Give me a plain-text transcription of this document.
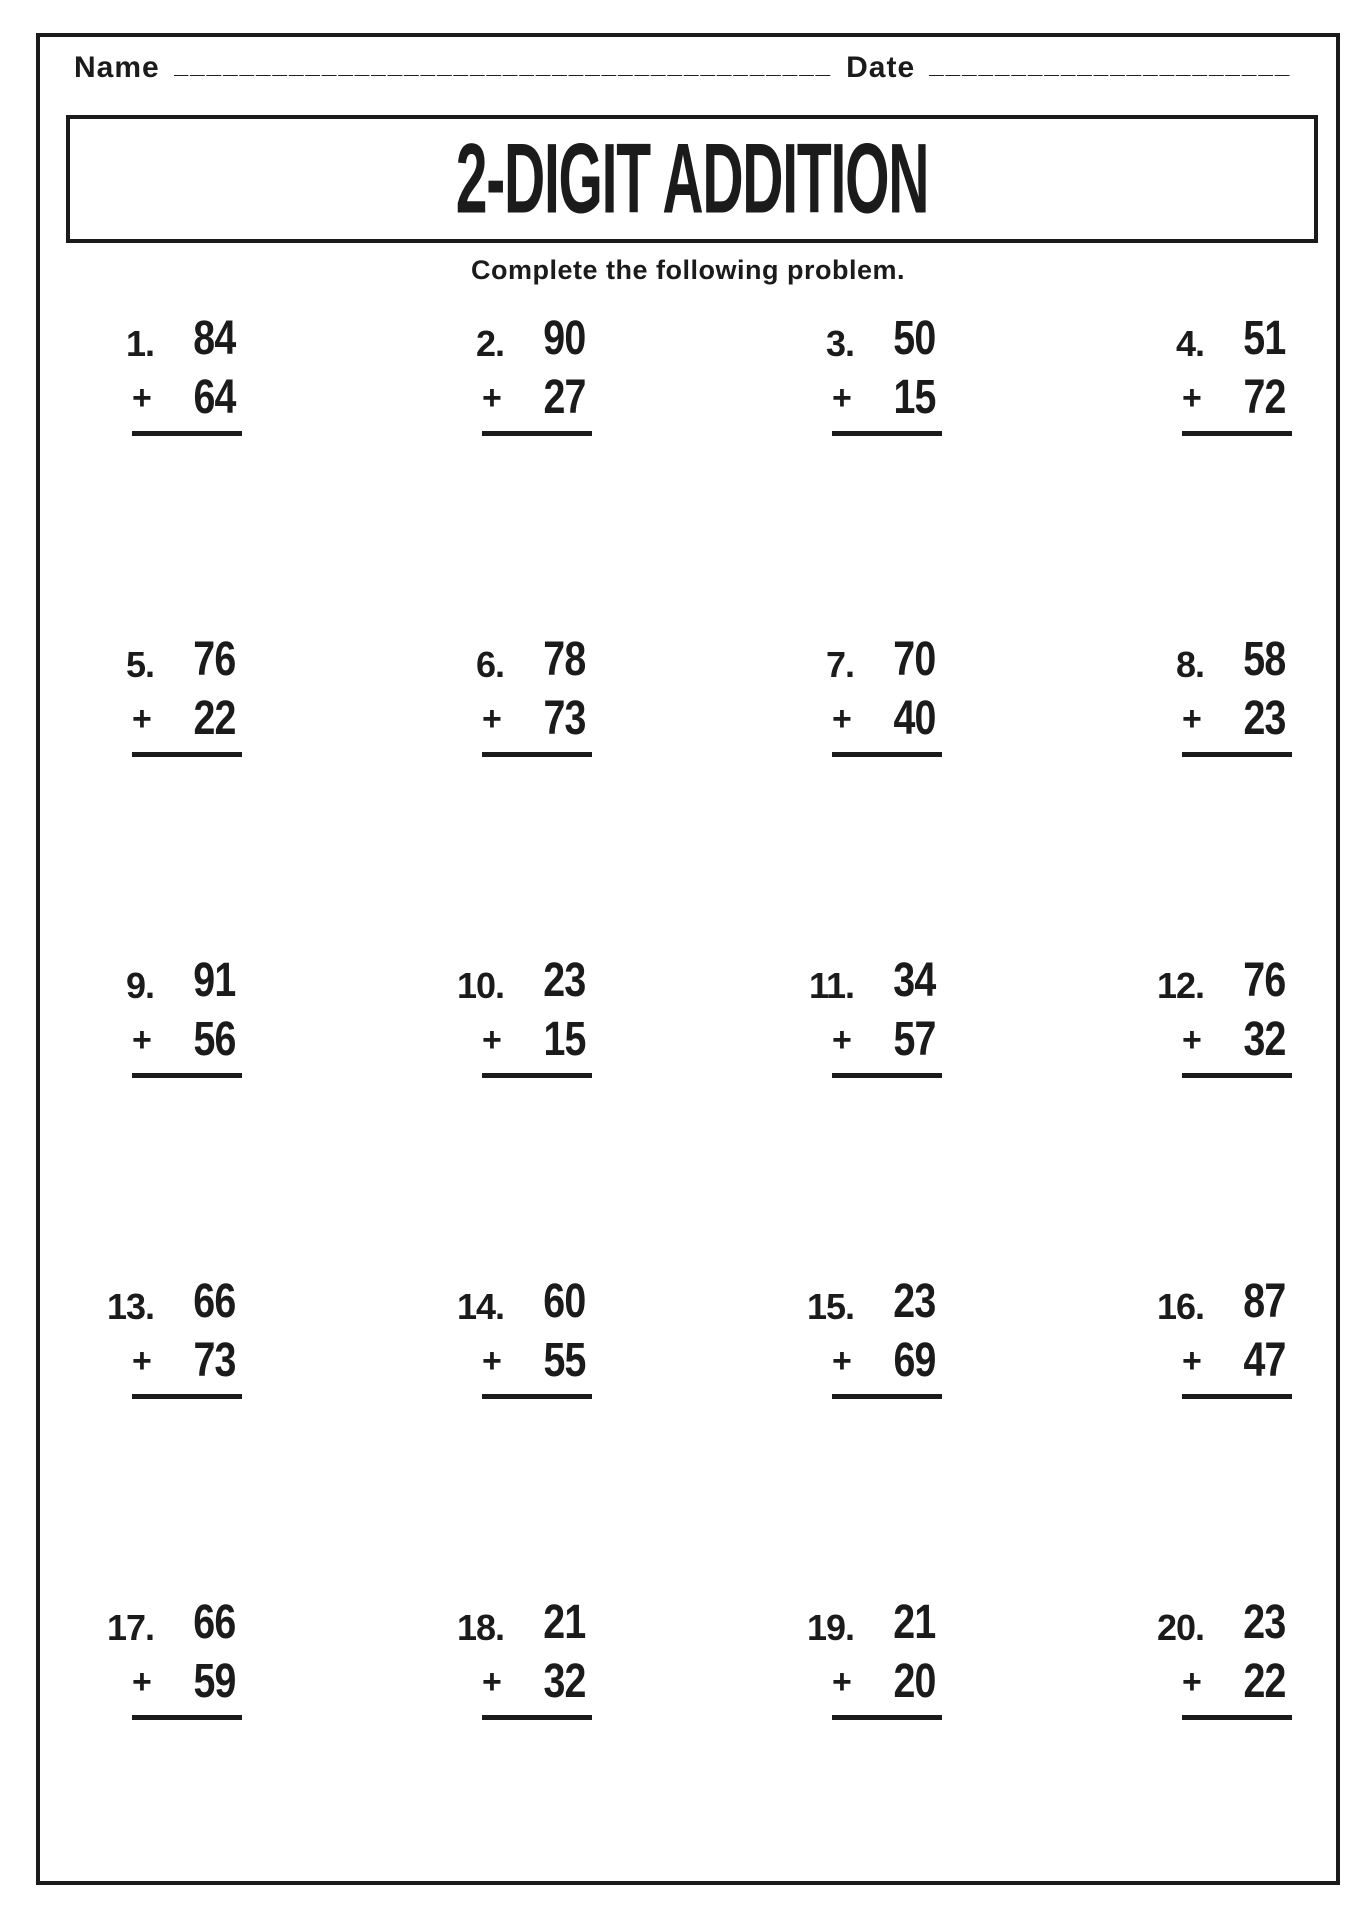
Name ________________________________________ Date ______________________
2-DIGIT ADDITION
Complete the following problem.
1. 84
+ 64
2. 90
+ 27
3. 50
+ 15
4. 51
+ 72
5. 76
+ 22
6. 78
+ 73
7. 70
+ 40
8. 58
+ 23
9. 91
+ 56
10. 23
+ 15
11. 34
+ 57
12. 76
+ 32
13. 66
+ 73
14. 60
+ 55
15. 23
+ 69
16. 87
+ 47
17. 66
+ 59
18. 21
+ 32
19. 21
+ 20
20. 23
+ 22
